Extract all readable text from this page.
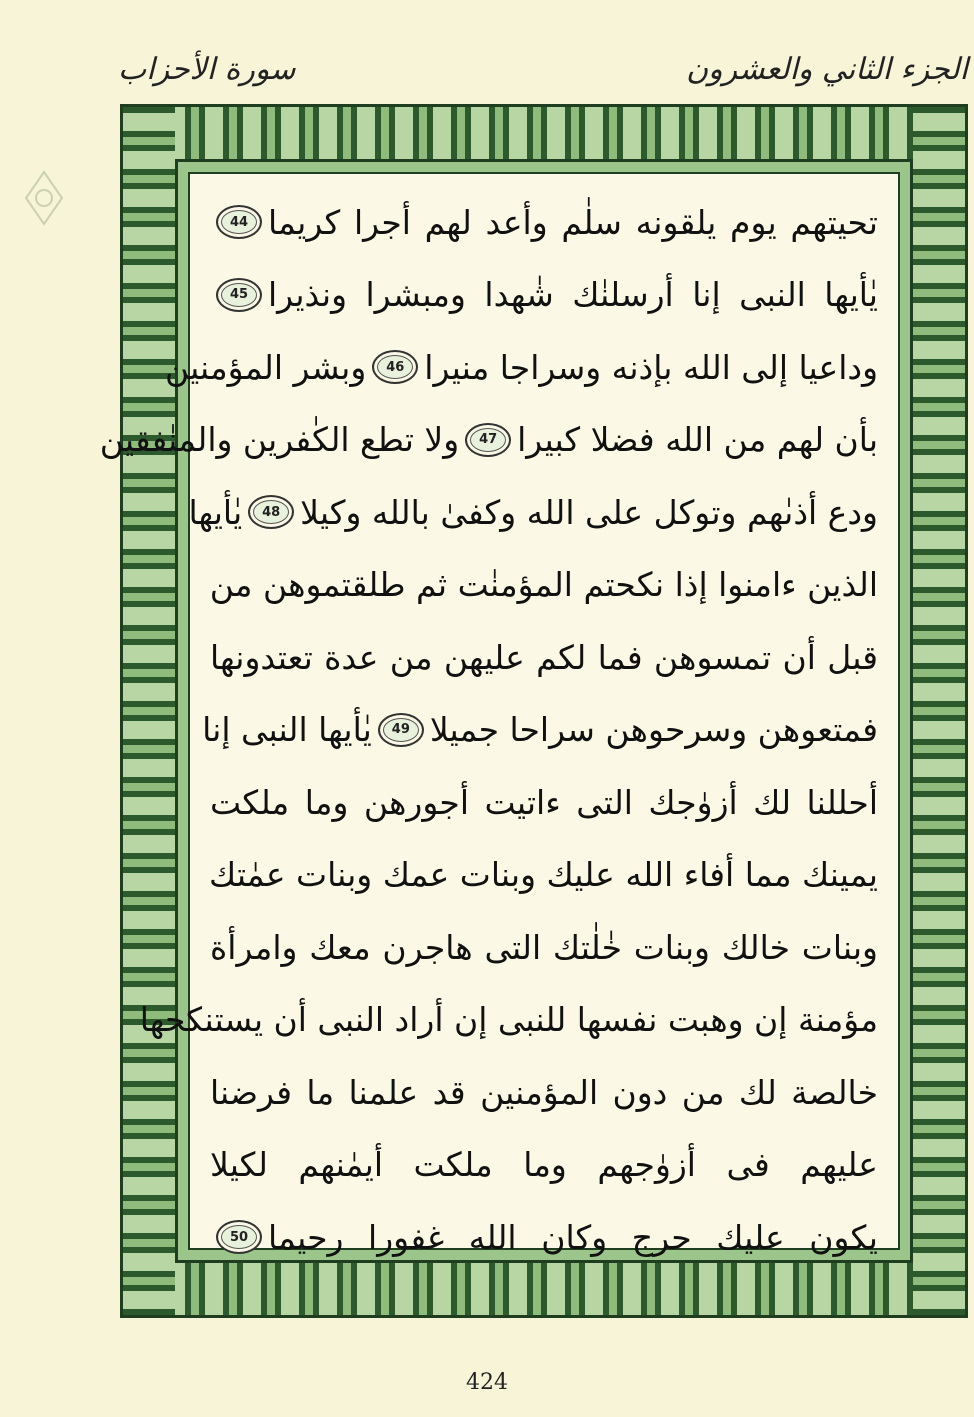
الجزء الثاني والعشرون
سورة الأحزاب
تحيتهم يوم يلقونه سلٰم وأعد لهم أجرا كريما
44
يٰأيها النبى إنا أرسلنٰك شٰهدا ومبشرا ونذيرا
45
وداعيا إلى الله بإذنه وسراجا منيرا
46
وبشر المؤمنين
بأن لهم من الله فضلا كبيرا
47
ولا تطع الكٰفرين والمنٰفقين
ودع أذىٰهم وتوكل على الله وكفىٰ بالله وكيلا
48
يٰأيها
الذين ءامنوا إذا نكحتم المؤمنٰت ثم طلقتموهن من
قبل أن تمسوهن فما لكم عليهن من عدة تعتدونها
فمتعوهن وسرحوهن سراحا جميلا
49
يٰأيها النبى إنا
أحللنا لك أزوٰجك التى ءاتيت أجورهن وما ملكت
يمينك مما أفاء الله عليك وبنات عمك وبنات عمٰتك
وبنات خالك وبنات خٰلٰتك التى هاجرن معك وامرأة
مؤمنة إن وهبت نفسها للنبى إن أراد النبى أن يستنكحها
خالصة لك من دون المؤمنين قد علمنا ما فرضنا
عليهم فى أزوٰجهم وما ملكت أيمٰنهم لكيلا
يكون عليك حرج وكان الله غفورا رحيما
50
424
